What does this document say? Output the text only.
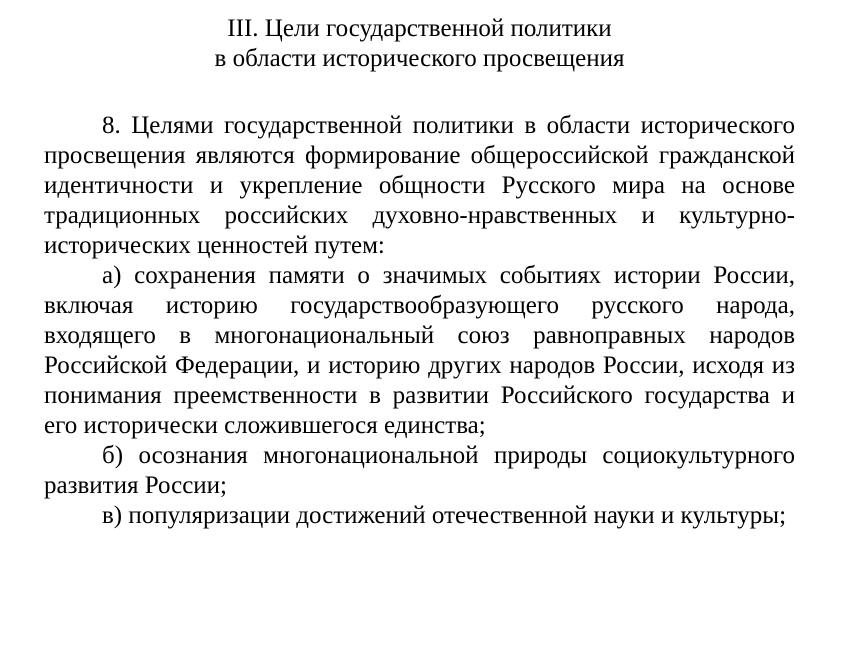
III. Цели государственной политики
в области исторического просвещения

8. Целями государственной политики в области исторического просвещения являются формирование общероссийской гражданской идентичности и укрепление общности Русского мира на основе традиционных российских духовно-нравственных и культурно-исторических ценностей путем:

а) сохранения памяти о значимых событиях истории России, включая историю государствообразующего русского народа, входящего в многонациональный союз равноправных народов Российской Федерации, и историю других народов России, исходя из понимания преемственности в развитии Российского государства и его исторически сложившегося единства;

б) осознания многонациональной природы социокультурного развития России;

в) популяризации достижений отечественной науки и культуры;
